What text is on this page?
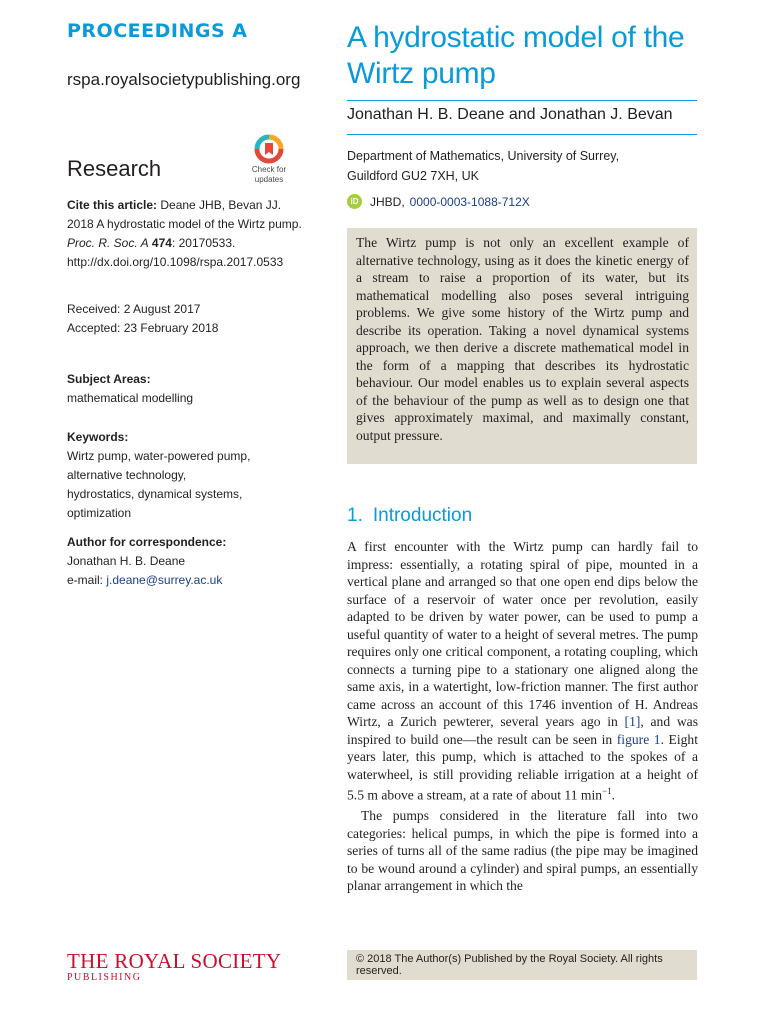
PROCEEDINGS A
rspa.royalsocietypublishing.org
Research	Check for
updates
Cite this article: Deane JHB, Bevan JJ. 2018 A hydrostatic model of the Wirtz pump. Proc. R. Soc. A 474: 20170533.
http://dx.doi.org/10.1098/rspa.2017.0533
Received: 2 August 2017
Accepted: 23 February 2018
Subject Areas:
mathematical modelling
Keywords:
Wirtz pump, water-powered pump, alternative technology, hydrostatics, dynamical systems, optimization
Author for correspondence:
Jonathan H. B. Deane
e-mail: j.deane@surrey.ac.uk
A hydrostatic model of the Wirtz pump
Jonathan H. B. Deane and Jonathan J. Bevan
Department of Mathematics, University of Surrey,
Guildford GU2 7XH, UK
iD JHBD, 0000-0003-1088-712X
The Wirtz pump is not only an excellent example of alternative technology, using as it does the kinetic energy of a stream to raise a proportion of its water, but its mathematical modelling also poses several intriguing problems. We give some history of the Wirtz pump and describe its operation. Taking a novel dynamical systems approach, we then derive a discrete mathematical model in the form of a mapping that describes its hydrostatic behaviour. Our model enables us to explain several aspects of the behaviour of the pump as well as to design one that gives approximately maximal, and maximally constant, output pressure.
1. Introduction

A first encounter with the Wirtz pump can hardly fail to impress: essentially, a rotating spiral of pipe, mounted in a vertical plane and arranged so that one open end dips below the surface of a reservoir of water once per revolution, easily adapted to be driven by water power, can be used to pump a useful quantity of water to a height of several metres. The pump requires only one critical component, a rotating coupling, which connects a turning pipe to a stationary one aligned along the same axis, in a watertight, low-friction manner. The first author came across an account of this 1746 invention of H. Andreas Wirtz, a Zurich pewterer, several years ago in [1], and was inspired to build one—the result can be seen in figure 1. Eight years later, this pump, which is attached to the spokes of a waterwheel, is still providing reliable irrigation at a height of 5.5 m above a stream, at a rate of about 11 $\min^{-1}$.

The pumps considered in the literature fall into two categories: helical pumps, in which the pipe is formed into a series of turns all of the same radius (the pipe may be imagined to be wound around a cylinder) and spiral pumps, an essentially planar arrangement in which the

© 2018 The Author(s) Published by the Royal Society. All rights reserved.
THE ROYAL SOCIETY
PUBLISHING
